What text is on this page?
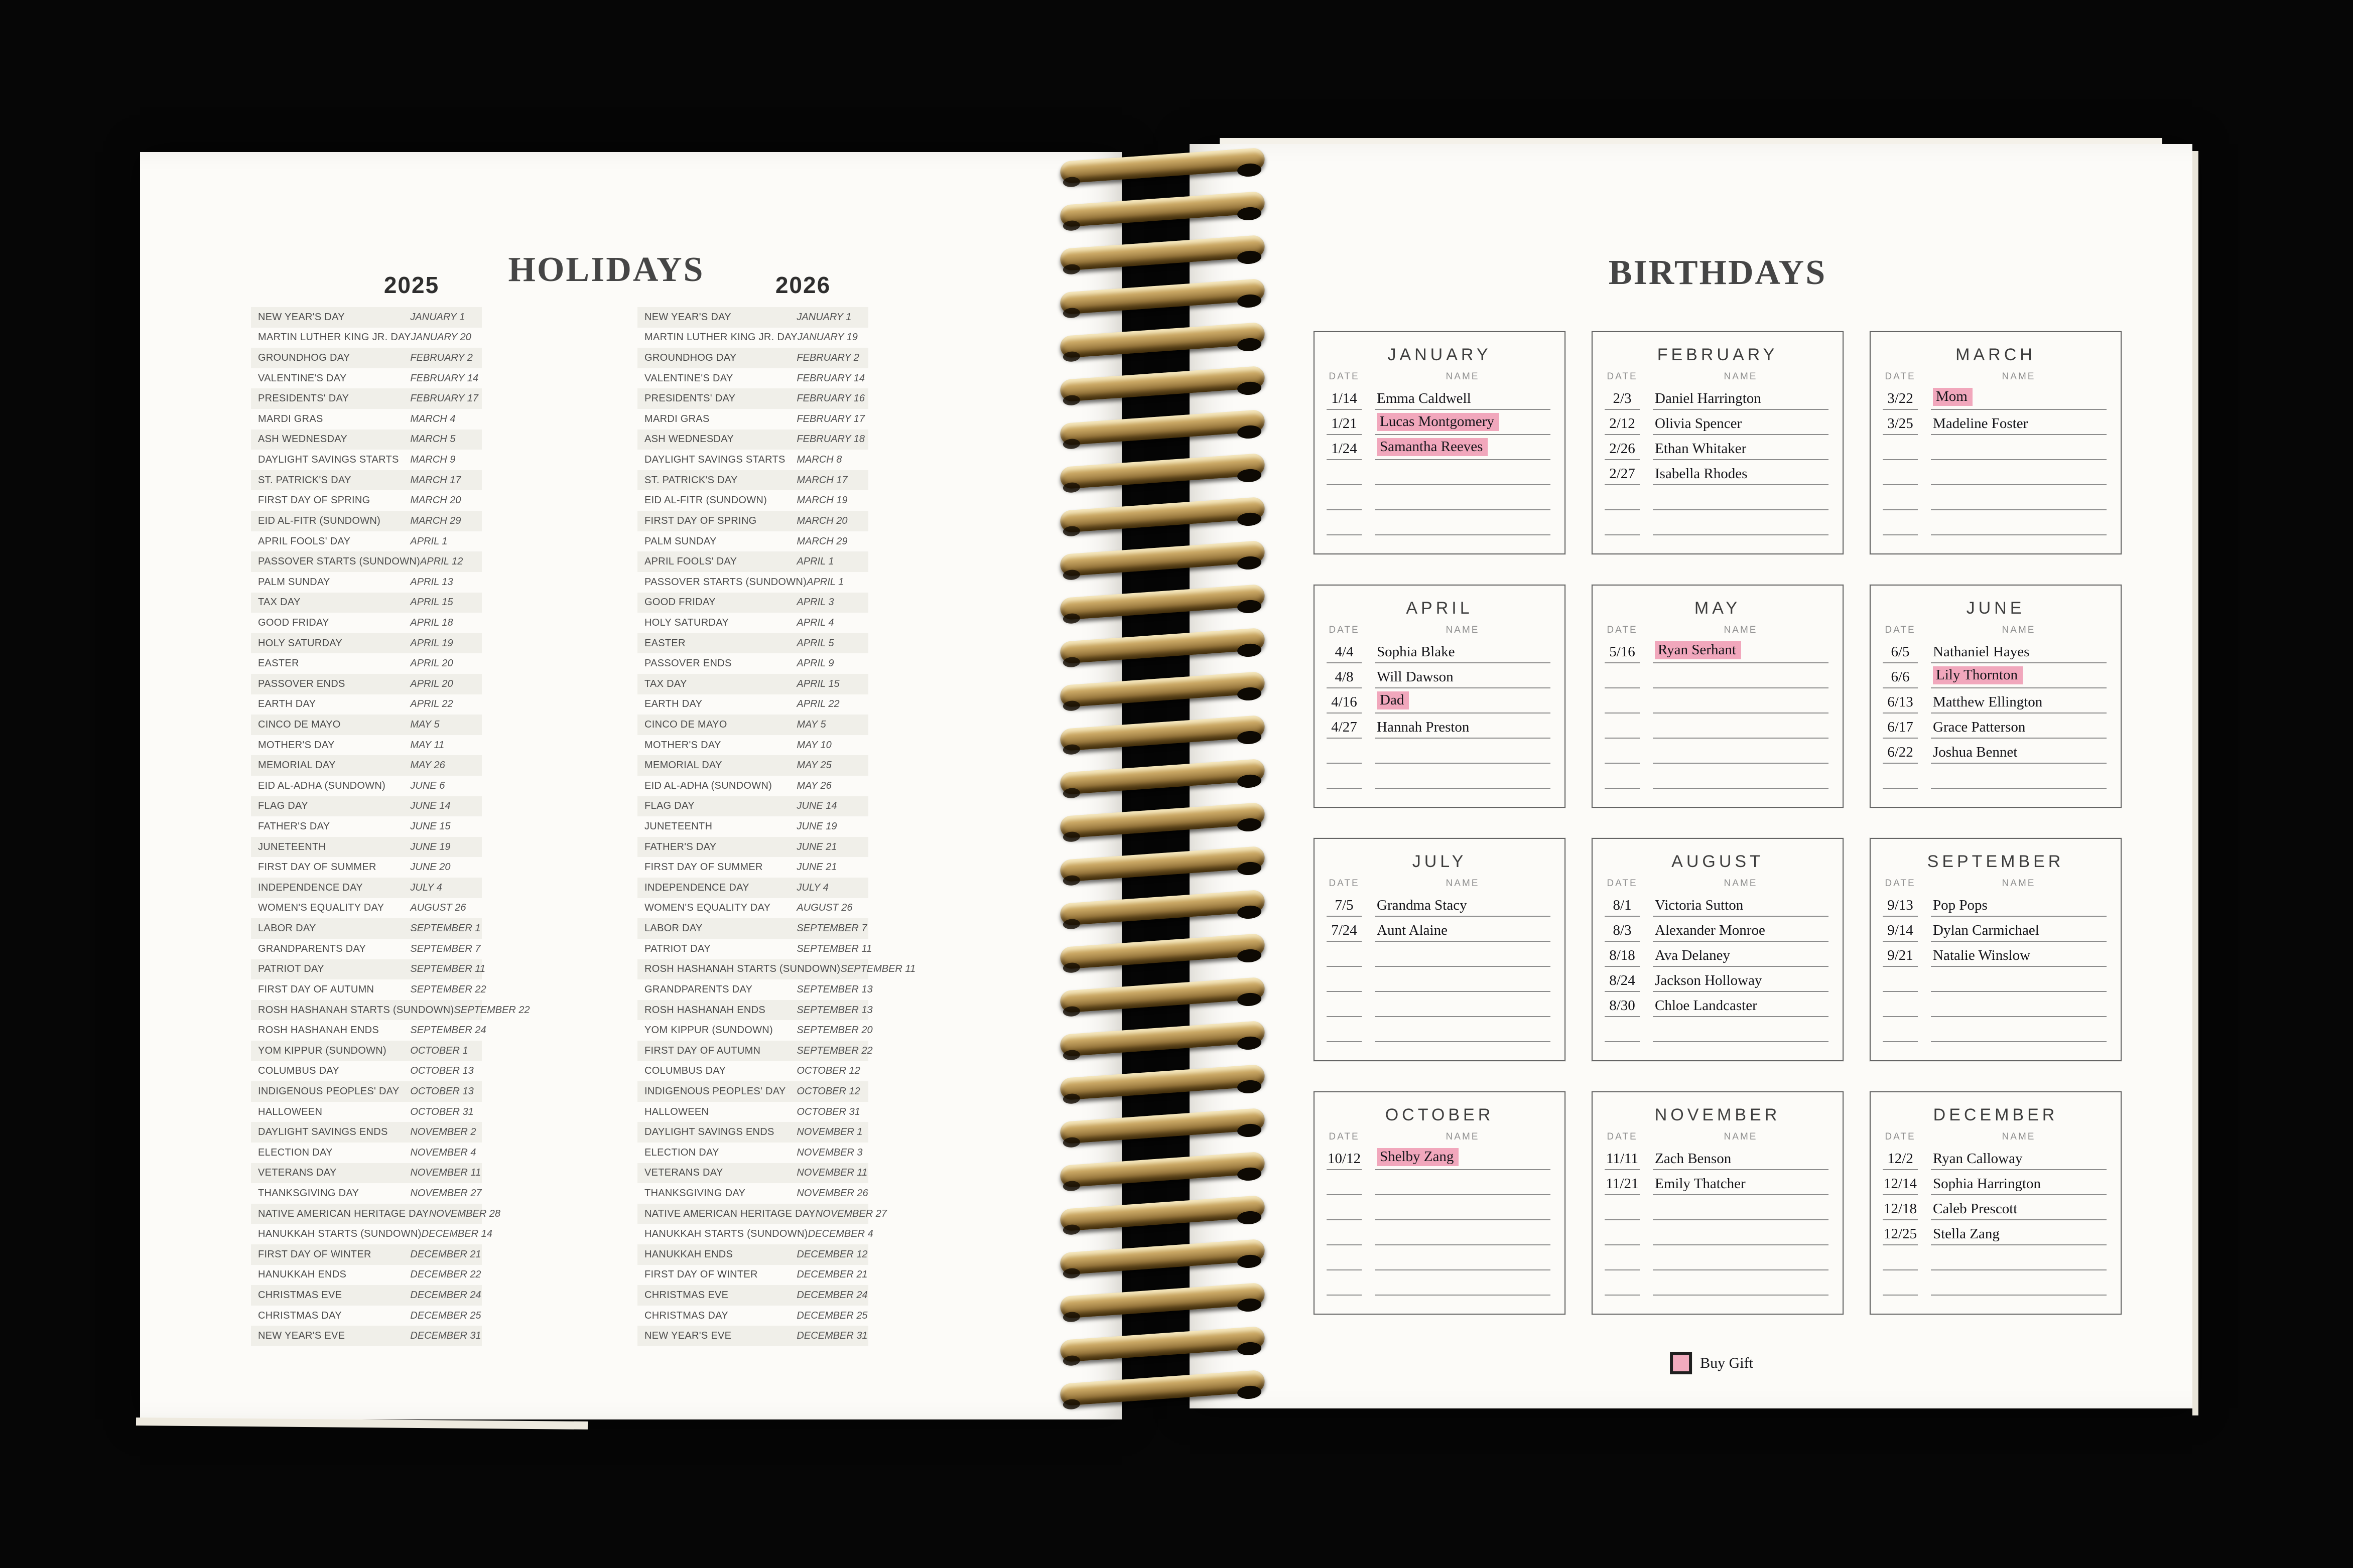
HOLIDAYS
2025	2026
NEW YEAR'S DAY	JANUARY 1
MARTIN LUTHER KING JR. DAY JANUARY 20
GROUNDHOG DAY	FEBRUARY 2
VALENTINE'S DAY	FEBRUARY 14
PRESIDENTS' DAY	FEBRUARY 17
MARDI GRAS	MARCH 4
ASH WEDNESDAY	MARCH 5
DAYLIGHT SAVINGS STARTS	MARCH 9
ST. PATRICK'S DAY	MARCH 17
FIRST DAY OF SPRING	MARCH 20
EID AL-FITR (SUNDOWN)	MARCH 29
APRIL FOOLS' DAY	APRIL 1
PASSOVER STARTS (SUNDOWN) APRIL 12
PALM SUNDAY	APRIL 13
TAX DAY	APRIL 15
GOOD FRIDAY	APRIL 18
HOLY SATURDAY	APRIL 19
EASTER	APRIL 20
PASSOVER ENDS	APRIL 20
EARTH DAY	APRIL 22
CINCO DE MAYO	MAY 5
MOTHER'S DAY	MAY 11
MEMORIAL DAY	MAY 26
EID AL-ADHA (SUNDOWN)	JUNE 6
FLAG DAY	JUNE 14
FATHER'S DAY	JUNE 15
JUNETEENTH	JUNE 19
FIRST DAY OF SUMMER	JUNE 20
INDEPENDENCE DAY	JULY 4
WOMEN'S EQUALITY DAY	AUGUST 26
LABOR DAY	SEPTEMBER 1
GRANDPARENTS DAY	SEPTEMBER 7
PATRIOT DAY	SEPTEMBER 11
FIRST DAY OF AUTUMN	SEPTEMBER 22
ROSH HASHANAH STARTS (SUNDOWN) SEPTEMBER 22
ROSH HASHANAH ENDS	SEPTEMBER 24
YOM KIPPUR (SUNDOWN)	OCTOBER 1
COLUMBUS DAY	OCTOBER 13
INDIGENOUS PEOPLES' DAY	OCTOBER 13
HALLOWEEN	OCTOBER 31
DAYLIGHT SAVINGS ENDS	NOVEMBER 2
ELECTION DAY	NOVEMBER 4
VETERANS DAY	NOVEMBER 11
THANKSGIVING DAY	NOVEMBER 27
NATIVE AMERICAN HERITAGE DAY NOVEMBER 28
HANUKKAH STARTS (SUNDOWN) DECEMBER 14
FIRST DAY OF WINTER	DECEMBER 21
HANUKKAH ENDS	DECEMBER 22
CHRISTMAS EVE	DECEMBER 24
CHRISTMAS DAY	DECEMBER 25
NEW YEAR'S EVE	DECEMBER 31
NEW YEAR'S DAY	JANUARY 1
MARTIN LUTHER KING JR. DAY JANUARY 19
GROUNDHOG DAY	FEBRUARY 2
VALENTINE'S DAY	FEBRUARY 14
PRESIDENTS' DAY	FEBRUARY 16
MARDI GRAS	FEBRUARY 17
ASH WEDNESDAY	FEBRUARY 18
DAYLIGHT SAVINGS STARTS	MARCH 8
ST. PATRICK'S DAY	MARCH 17
EID AL-FITR (SUNDOWN)	MARCH 19
FIRST DAY OF SPRING	MARCH 20
PALM SUNDAY	MARCH 29
APRIL FOOLS' DAY	APRIL 1
PASSOVER STARTS (SUNDOWN) APRIL 1
GOOD FRIDAY	APRIL 3
HOLY SATURDAY	APRIL 4
EASTER	APRIL 5
PASSOVER ENDS	APRIL 9
TAX DAY	APRIL 15
EARTH DAY	APRIL 22
CINCO DE MAYO	MAY 5
MOTHER'S DAY	MAY 10
MEMORIAL DAY	MAY 25
EID AL-ADHA (SUNDOWN)	MAY 26
FLAG DAY	JUNE 14
JUNETEENTH	JUNE 19
FATHER'S DAY	JUNE 21
FIRST DAY OF SUMMER	JUNE 21
INDEPENDENCE DAY	JULY 4
WOMEN'S EQUALITY DAY	AUGUST 26
LABOR DAY	SEPTEMBER 7
PATRIOT DAY	SEPTEMBER 11
ROSH HASHANAH STARTS (SUNDOWN) SEPTEMBER 11
GRANDPARENTS DAY	SEPTEMBER 13
ROSH HASHANAH ENDS	SEPTEMBER 13
YOM KIPPUR (SUNDOWN)	SEPTEMBER 20
FIRST DAY OF AUTUMN	SEPTEMBER 22
COLUMBUS DAY	OCTOBER 12
INDIGENOUS PEOPLES' DAY	OCTOBER 12
HALLOWEEN	OCTOBER 31
DAYLIGHT SAVINGS ENDS	NOVEMBER 1
ELECTION DAY	NOVEMBER 3
VETERANS DAY	NOVEMBER 11
THANKSGIVING DAY	NOVEMBER 26
NATIVE AMERICAN HERITAGE DAY NOVEMBER 27
HANUKKAH STARTS (SUNDOWN) DECEMBER 4
HANUKKAH ENDS	DECEMBER 12
FIRST DAY OF WINTER	DECEMBER 21
CHRISTMAS EVE	DECEMBER 24
CHRISTMAS DAY	DECEMBER 25
NEW YEAR'S EVE	DECEMBER 31
BIRTHDAYS
JANUARY
DATE	NAME
1/14	Emma Caldwell
1/21	Lucas Montgomery
1/24	Samantha Reeves
FEBRUARY
DATE	NAME
2/3	Daniel Harrington
2/12	Olivia Spencer
2/26	Ethan Whitaker
2/27	Isabella Rhodes
MARCH
DATE	NAME
3/22	Mom
3/25	Madeline Foster
APRIL
DATE	NAME
4/4	Sophia Blake
4/8	Will Dawson
4/16	Dad
4/27	Hannah Preston
MAY
DATE	NAME
5/16	Ryan Serhant
JUNE
DATE	NAME
6/5	Nathaniel Hayes
6/6	Lily Thornton
6/13	Matthew Ellington
6/17	Grace Patterson
6/22	Joshua Bennet
JULY
DATE	NAME
7/5	Grandma Stacy
7/24	Aunt Alaine
AUGUST
DATE	NAME
8/1	Victoria Sutton
8/3	Alexander Monroe
8/18	Ava Delaney
8/24	Jackson Holloway
8/30	Chloe Landcaster
SEPTEMBER
DATE	NAME
9/13	Pop Pops
9/14	Dylan Carmichael
9/21	Natalie Winslow
OCTOBER
DATE	NAME
10/12	Shelby Zang
NOVEMBER
DATE	NAME
11/11 Zach Benson
11/21 Emily Thatcher
DECEMBER
DATE	NAME
12/2	Ryan Calloway
12/14 Sophia Harrington
12/18 Caleb Prescott
12/25 Stella Zang
Buy Gift
